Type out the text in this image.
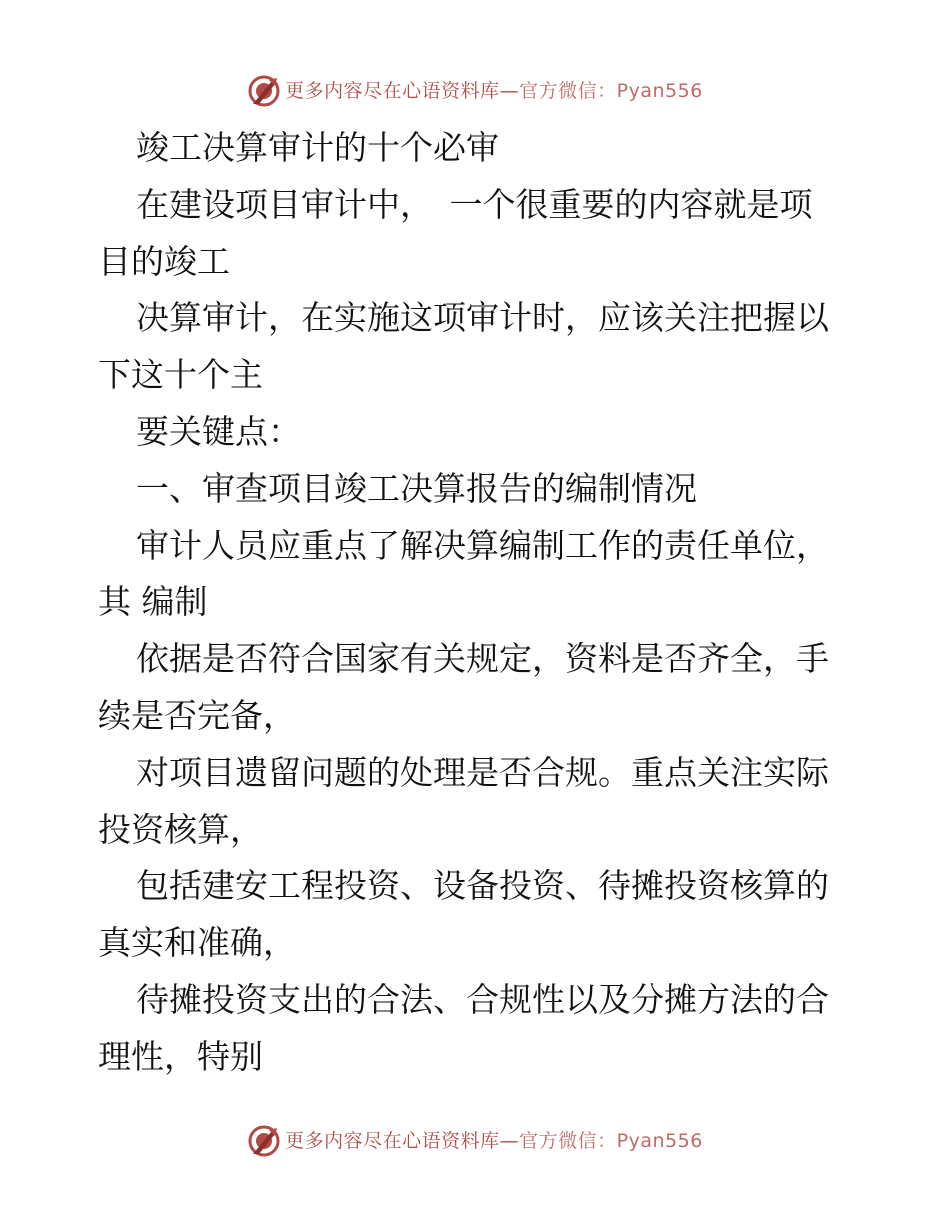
更多内容尽在心语资料库—官方微信：Pyan556
竣工决算审计的十个必审
在建设项目审计中，　一个很重要的内容就是项
目的竣工
决算审计，在实施这项审计时，应该关注把握以
下这十个主
要关键点：
一、审查项目竣工决算报告的编制情况
审计人员应重点了解决算编制工作的责任单位，
其 编制
依据是否符合国家有关规定，资料是否齐全，手
续是否完备，
对项目遗留问题的处理是否合规。重点关注实际
投资核算，
包括建安工程投资、设备投资、待摊投资核算的
真实和准确，
待摊投资支出的合法、合规性以及分摊方法的合
理性，特别
更多内容尽在心语资料库—官方微信：Pyan556
